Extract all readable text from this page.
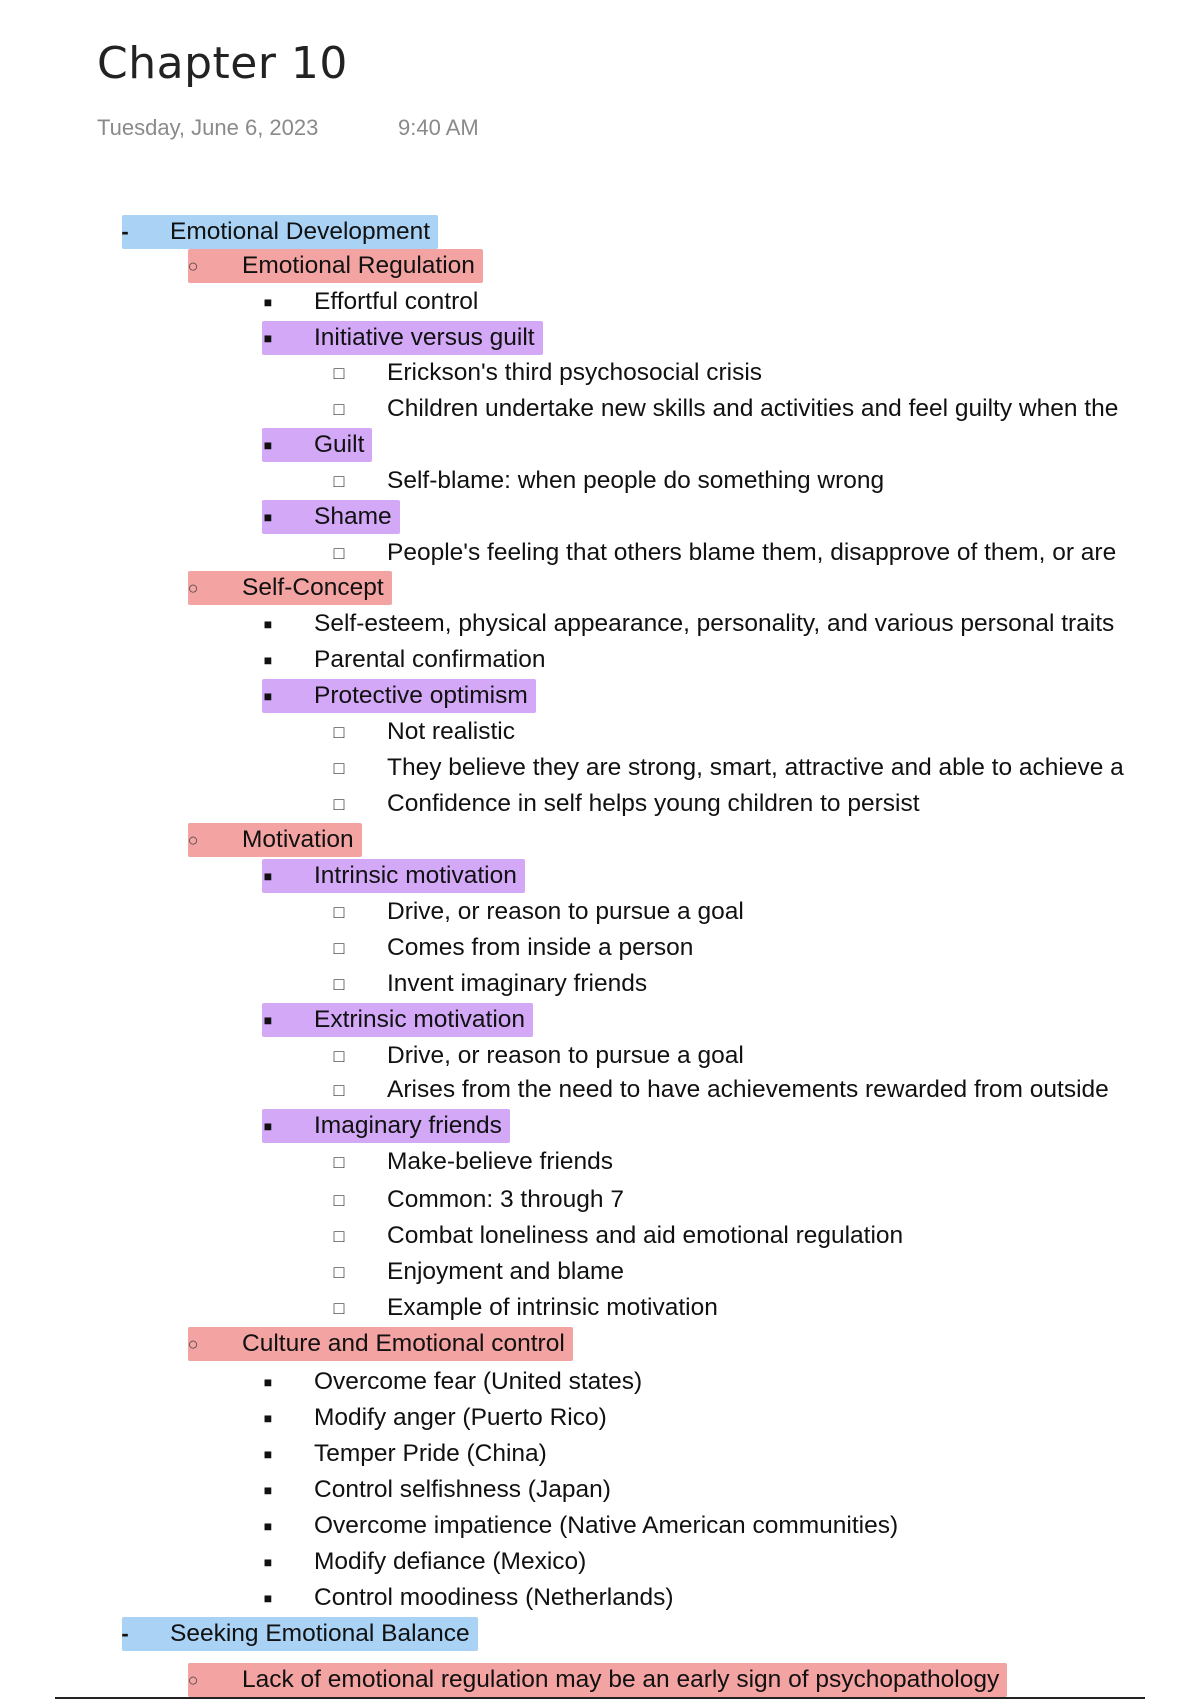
Chapter 10
Tuesday, June 6, 2023	9:40 AM
- Emotional Development
○ Emotional Regulation
■ Effortful control
■ Initiative versus guilt
□ Erickson's third psychosocial crisis
□ Children undertake new skills and activities and feel guilty when the
■ Guilt
□ Self-blame: when people do something wrong
■ Shame
□ People's feeling that others blame them, disapprove of them, or are
○ Self-Concept
■ Self-esteem, physical appearance, personality, and various personal traits
■ Parental confirmation
■ Protective optimism
□ Not realistic
□ They believe they are strong, smart, attractive and able to achieve a
□ Confidence in self helps young children to persist
○ Motivation
■ Intrinsic motivation
□ Drive, or reason to pursue a goal
□ Comes from inside a person
□ Invent imaginary friends
■ Extrinsic motivation
□ Drive, or reason to pursue a goal
□ Arises from the need to have achievements rewarded from outside
■ Imaginary friends
□ Make-believe friends
□ Common: 3 through 7
□ Combat loneliness and aid emotional regulation
□ Enjoyment and blame
□ Example of intrinsic motivation
○ Culture and Emotional control
■ Overcome fear (United states)
■ Modify anger (Puerto Rico)
■ Temper Pride (China)
■ Control selfishness (Japan)
■ Overcome impatience (Native American communities)
■ Modify defiance (Mexico)
■ Control moodiness (Netherlands)
- Seeking Emotional Balance
○ Lack of emotional regulation may be an early sign of psychopathology
